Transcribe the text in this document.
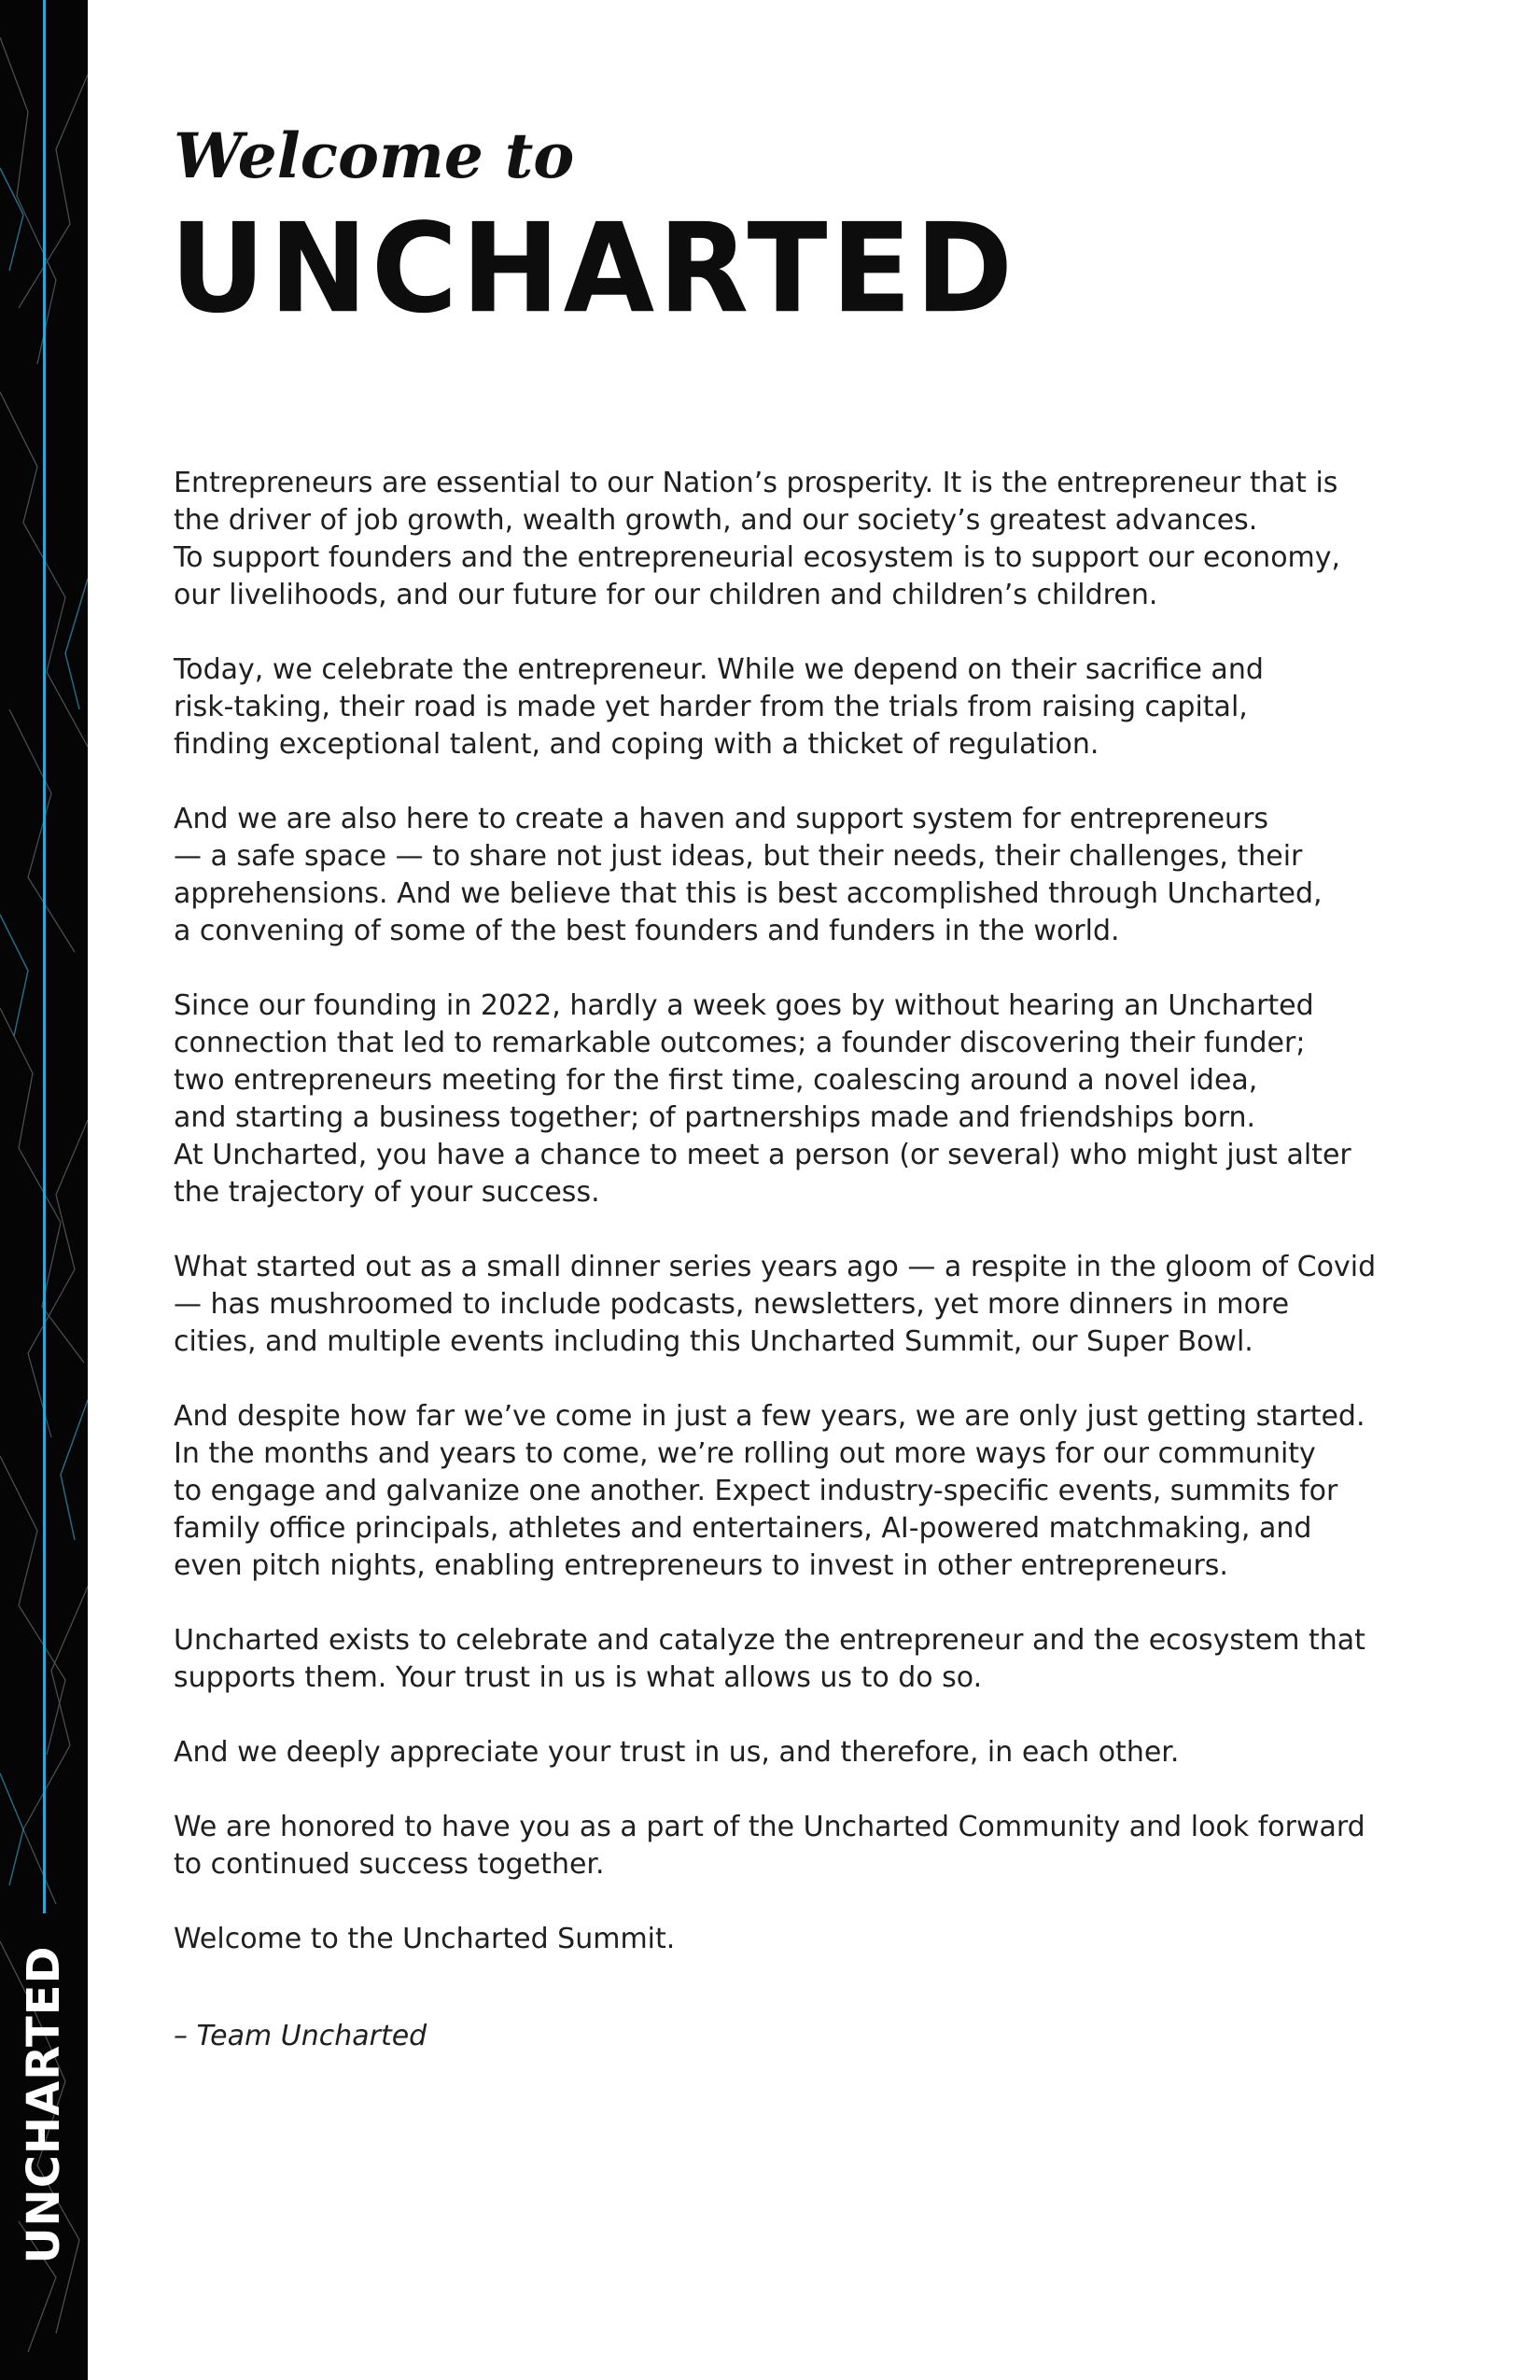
UNCHARTED
Welcome to
UNCHARTED

Entrepreneurs are essential to our Nation’s prosperity. It is the entrepreneur that is
the driver of job growth, wealth growth, and our society’s greatest advances.
To support founders and the entrepreneurial ecosystem is to support our economy,
our livelihoods, and our future for our children and children’s children.

Today, we celebrate the entrepreneur. While we depend on their sacrifice and
risk-taking, their road is made yet harder from the trials from raising capital,
finding exceptional talent, and coping with a thicket of regulation.

And we are also here to create a haven and support system for entrepreneurs
— a safe space — to share not just ideas, but their needs, their challenges, their
apprehensions. And we believe that this is best accomplished through Uncharted,
a convening of some of the best founders and funders in the world.

Since our founding in 2022, hardly a week goes by without hearing an Uncharted
connection that led to remarkable outcomes; a founder discovering their funder;
two entrepreneurs meeting for the first time, coalescing around a novel idea,
and starting a business together; of partnerships made and friendships born.
At Uncharted, you have a chance to meet a person (or several) who might just alter
the trajectory of your success.

What started out as a small dinner series years ago — a respite in the gloom of Covid
— has mushroomed to include podcasts, newsletters, yet more dinners in more
cities, and multiple events including this Uncharted Summit, our Super Bowl.

And despite how far we’ve come in just a few years, we are only just getting started.
In the months and years to come, we’re rolling out more ways for our community
to engage and galvanize one another. Expect industry-specific events, summits for
family office principals, athletes and entertainers, AI-powered matchmaking, and
even pitch nights, enabling entrepreneurs to invest in other entrepreneurs.

Uncharted exists to celebrate and catalyze the entrepreneur and the ecosystem that
supports them. Your trust in us is what allows us to do so.

And we deeply appreciate your trust in us, and therefore, in each other.

We are honored to have you as a part of the Uncharted Community and look forward
to continued success together.

Welcome to the Uncharted Summit.

– Team Uncharted
